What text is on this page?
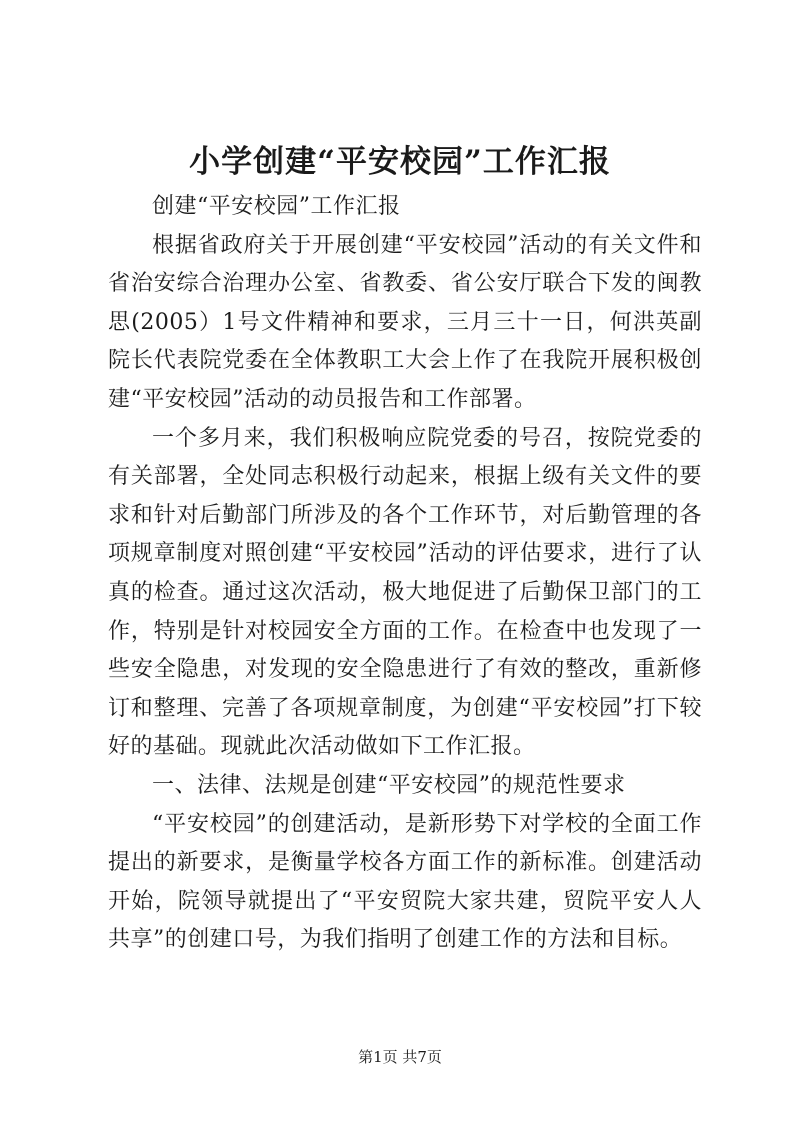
小学创建“平安校园”工作汇报

创建“平安校园”工作汇报

根据省政府关于开展创建“平安校园”活动的有关文件和省治安综合治理办公室、省教委、省公安厅联合下发的闽教思(2005）1号文件精神和要求，三月三十一日，何洪英副院长代表院党委在全体教职工大会上作了在我院开展积极创建“平安校园”活动的动员报告和工作部署。

一个多月来，我们积极响应院党委的号召，按院党委的有关部署，全处同志积极行动起来，根据上级有关文件的要求和针对后勤部门所涉及的各个工作环节，对后勤管理的各项规章制度对照创建“平安校园”活动的评估要求，进行了认真的检查。通过这次活动，极大地促进了后勤保卫部门的工作，特别是针对校园安全方面的工作。在检查中也发现了一些安全隐患，对发现的安全隐患进行了有效的整改，重新修订和整理、完善了各项规章制度，为创建“平安校园”打下较好的基础。现就此次活动做如下工作汇报。

一、法律、法规是创建“平安校园”的规范性要求

“平安校园”的创建活动，是新形势下对学校的全面工作提出的新要求，是衡量学校各方面工作的新标准。创建活动开始，院领导就提出了“平安贸院大家共建，贸院平安人人共享”的创建口号，为我们指明了创建工作的方法和目标。

第1页 共7页
